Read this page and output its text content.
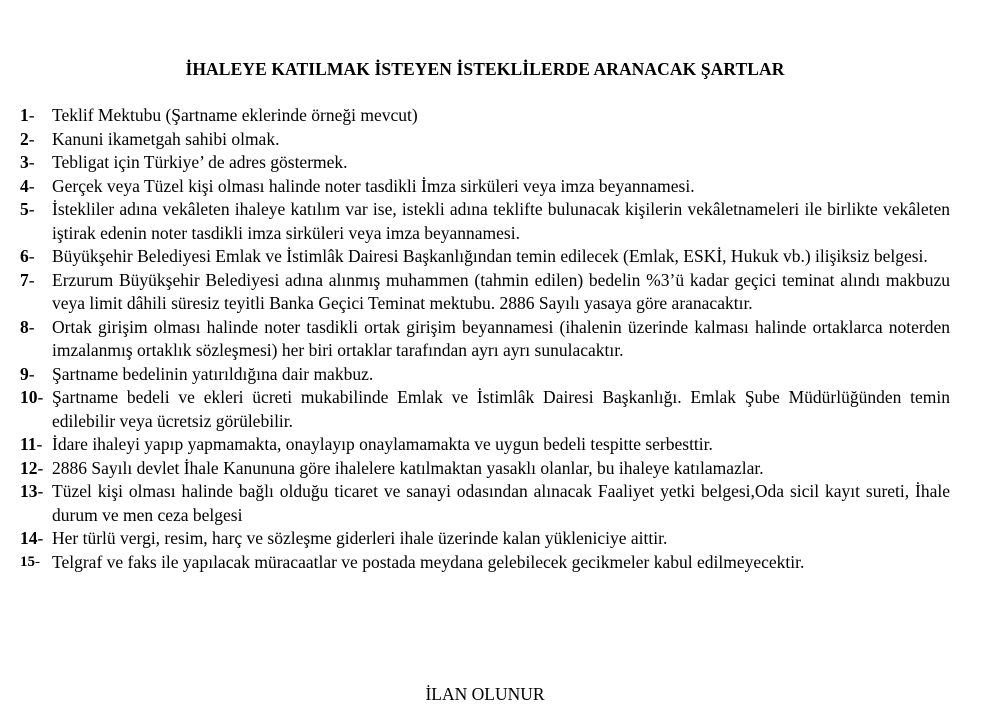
İHALEYE KATILMAK İSTEYEN İSTEKLİLERDE ARANACAK ŞARTLAR
1- Teklif Mektubu (Şartname eklerinde örneği mevcut)
2- Kanuni ikametgah sahibi olmak.
3- Tebligat için Türkiye’ de adres göstermek.
4- Gerçek veya Tüzel kişi olması halinde noter tasdikli İmza sirküleri veya imza beyannamesi.
5- İstekliler adına vekâleten ihaleye katılım var ise, istekli adına teklifte bulunacak kişilerin vekâletnameleri ile birlikte vekâleten iştirak edenin noter tasdikli imza sirküleri veya imza beyannamesi.
6- Büyükşehir Belediyesi Emlak ve İstimlâk Dairesi Başkanlığından temin edilecek (Emlak, ESKİ, Hukuk vb.) ilişiksiz belgesi.
7- Erzurum Büyükşehir Belediyesi adına alınmış muhammen (tahmin edilen) bedelin %3’ü kadar geçici teminat alındı makbuzu veya limit dâhili süresiz teyitli Banka Geçici Teminat mektubu. 2886 Sayılı yasaya göre aranacaktır.
8- Ortak girişim olması halinde noter tasdikli ortak girişim beyannamesi (ihalenin üzerinde kalması halinde ortaklarca noterden imzalanmış ortaklık sözleşmesi) her biri ortaklar tarafından ayrı ayrı sunulacaktır.
9- Şartname bedelinin yatırıldığına dair makbuz.
10- Şartname bedeli ve ekleri ücreti mukabilinde Emlak ve İstimlâk Dairesi Başkanlığı. Emlak Şube Müdürlüğünden temin edilebilir veya ücretsiz görülebilir.
11- İdare ihaleyi yapıp yapmamakta, onaylayıp onaylamamakta ve uygun bedeli tespitte serbesttir.
12- 2886 Sayılı devlet İhale Kanununa göre ihalelere katılmaktan yasaklı olanlar, bu ihaleye katılamazlar.
13- Tüzel kişi olması halinde bağlı olduğu ticaret ve sanayi odasından alınacak Faaliyet yetki belgesi,Oda sicil kayıt sureti, İhale durum ve men ceza belgesi
14- Her türlü vergi, resim, harç ve sözleşme giderleri ihale üzerinde kalan yükleniciye aittir.
15- Telgraf ve faks ile yapılacak müracaatlar ve postada meydana gelebilecek gecikmeler kabul edilmeyecektir.
İLAN OLUNUR
